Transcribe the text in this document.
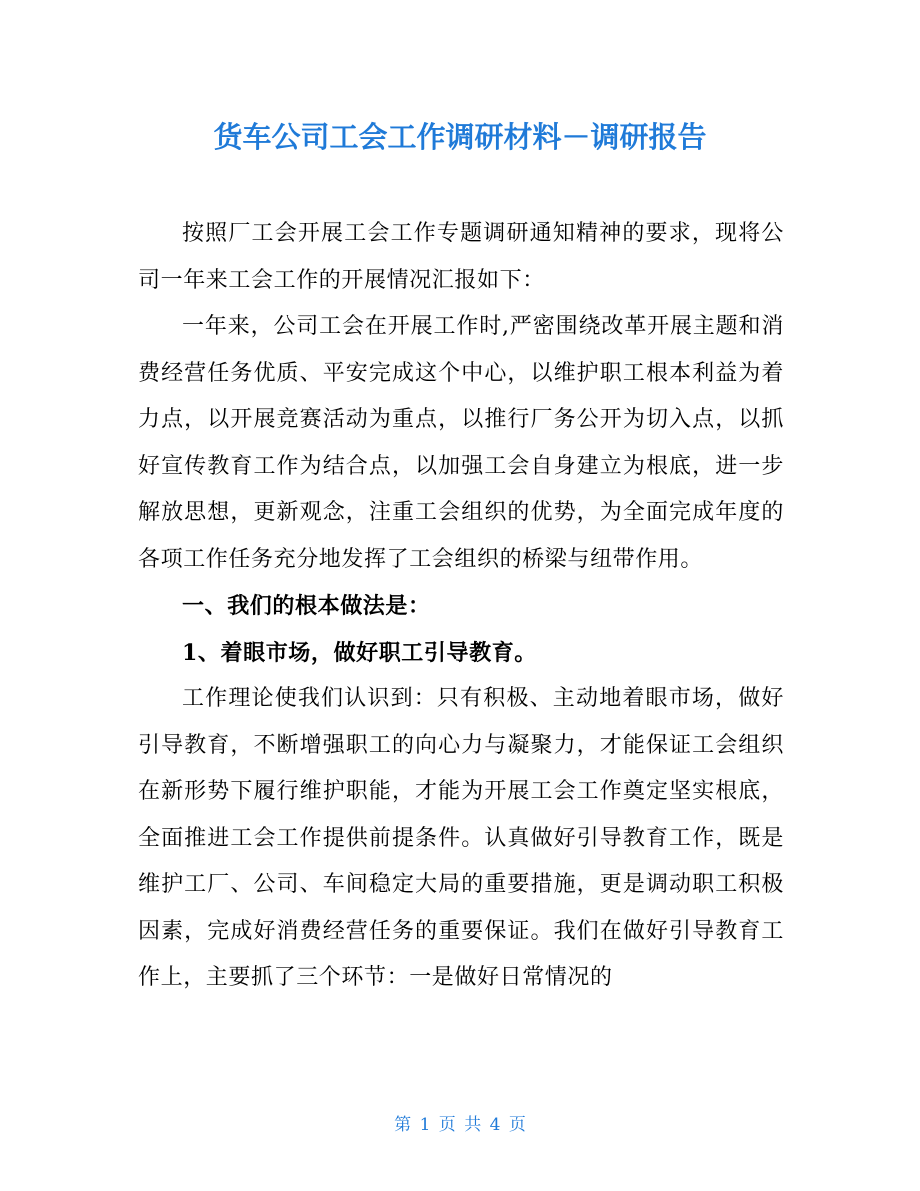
货车公司工会工作调研材料－调研报告

按照厂工会开展工会工作专题调研通知精神的要求，现将公司一年来工会工作的开展情况汇报如下：

一年来，公司工会在开展工作时,严密围绕改革开展主题和消费经营任务优质、平安完成这个中心，以维护职工根本利益为着力点，以开展竞赛活动为重点，以推行厂务公开为切入点，以抓好宣传教育工作为结合点，以加强工会自身建立为根底，进一步解放思想，更新观念，注重工会组织的优势，为全面完成年度的各项工作任务充分地发挥了工会组织的桥梁与纽带作用。

一、我们的根本做法是：

1、着眼市场，做好职工引导教育。

工作理论使我们认识到：只有积极、主动地着眼市场，做好引导教育，不断增强职工的向心力与凝聚力，才能保证工会组织在新形势下履行维护职能，才能为开展工会工作奠定坚实根底，全面推进工会工作提供前提条件。认真做好引导教育工作，既是维护工厂、公司、车间稳定大局的重要措施，更是调动职工积极因素，完成好消费经营任务的重要保证。我们在做好引导教育工作上，主要抓了三个环节：一是做好日常情况的

第 1 页 共 4 页
